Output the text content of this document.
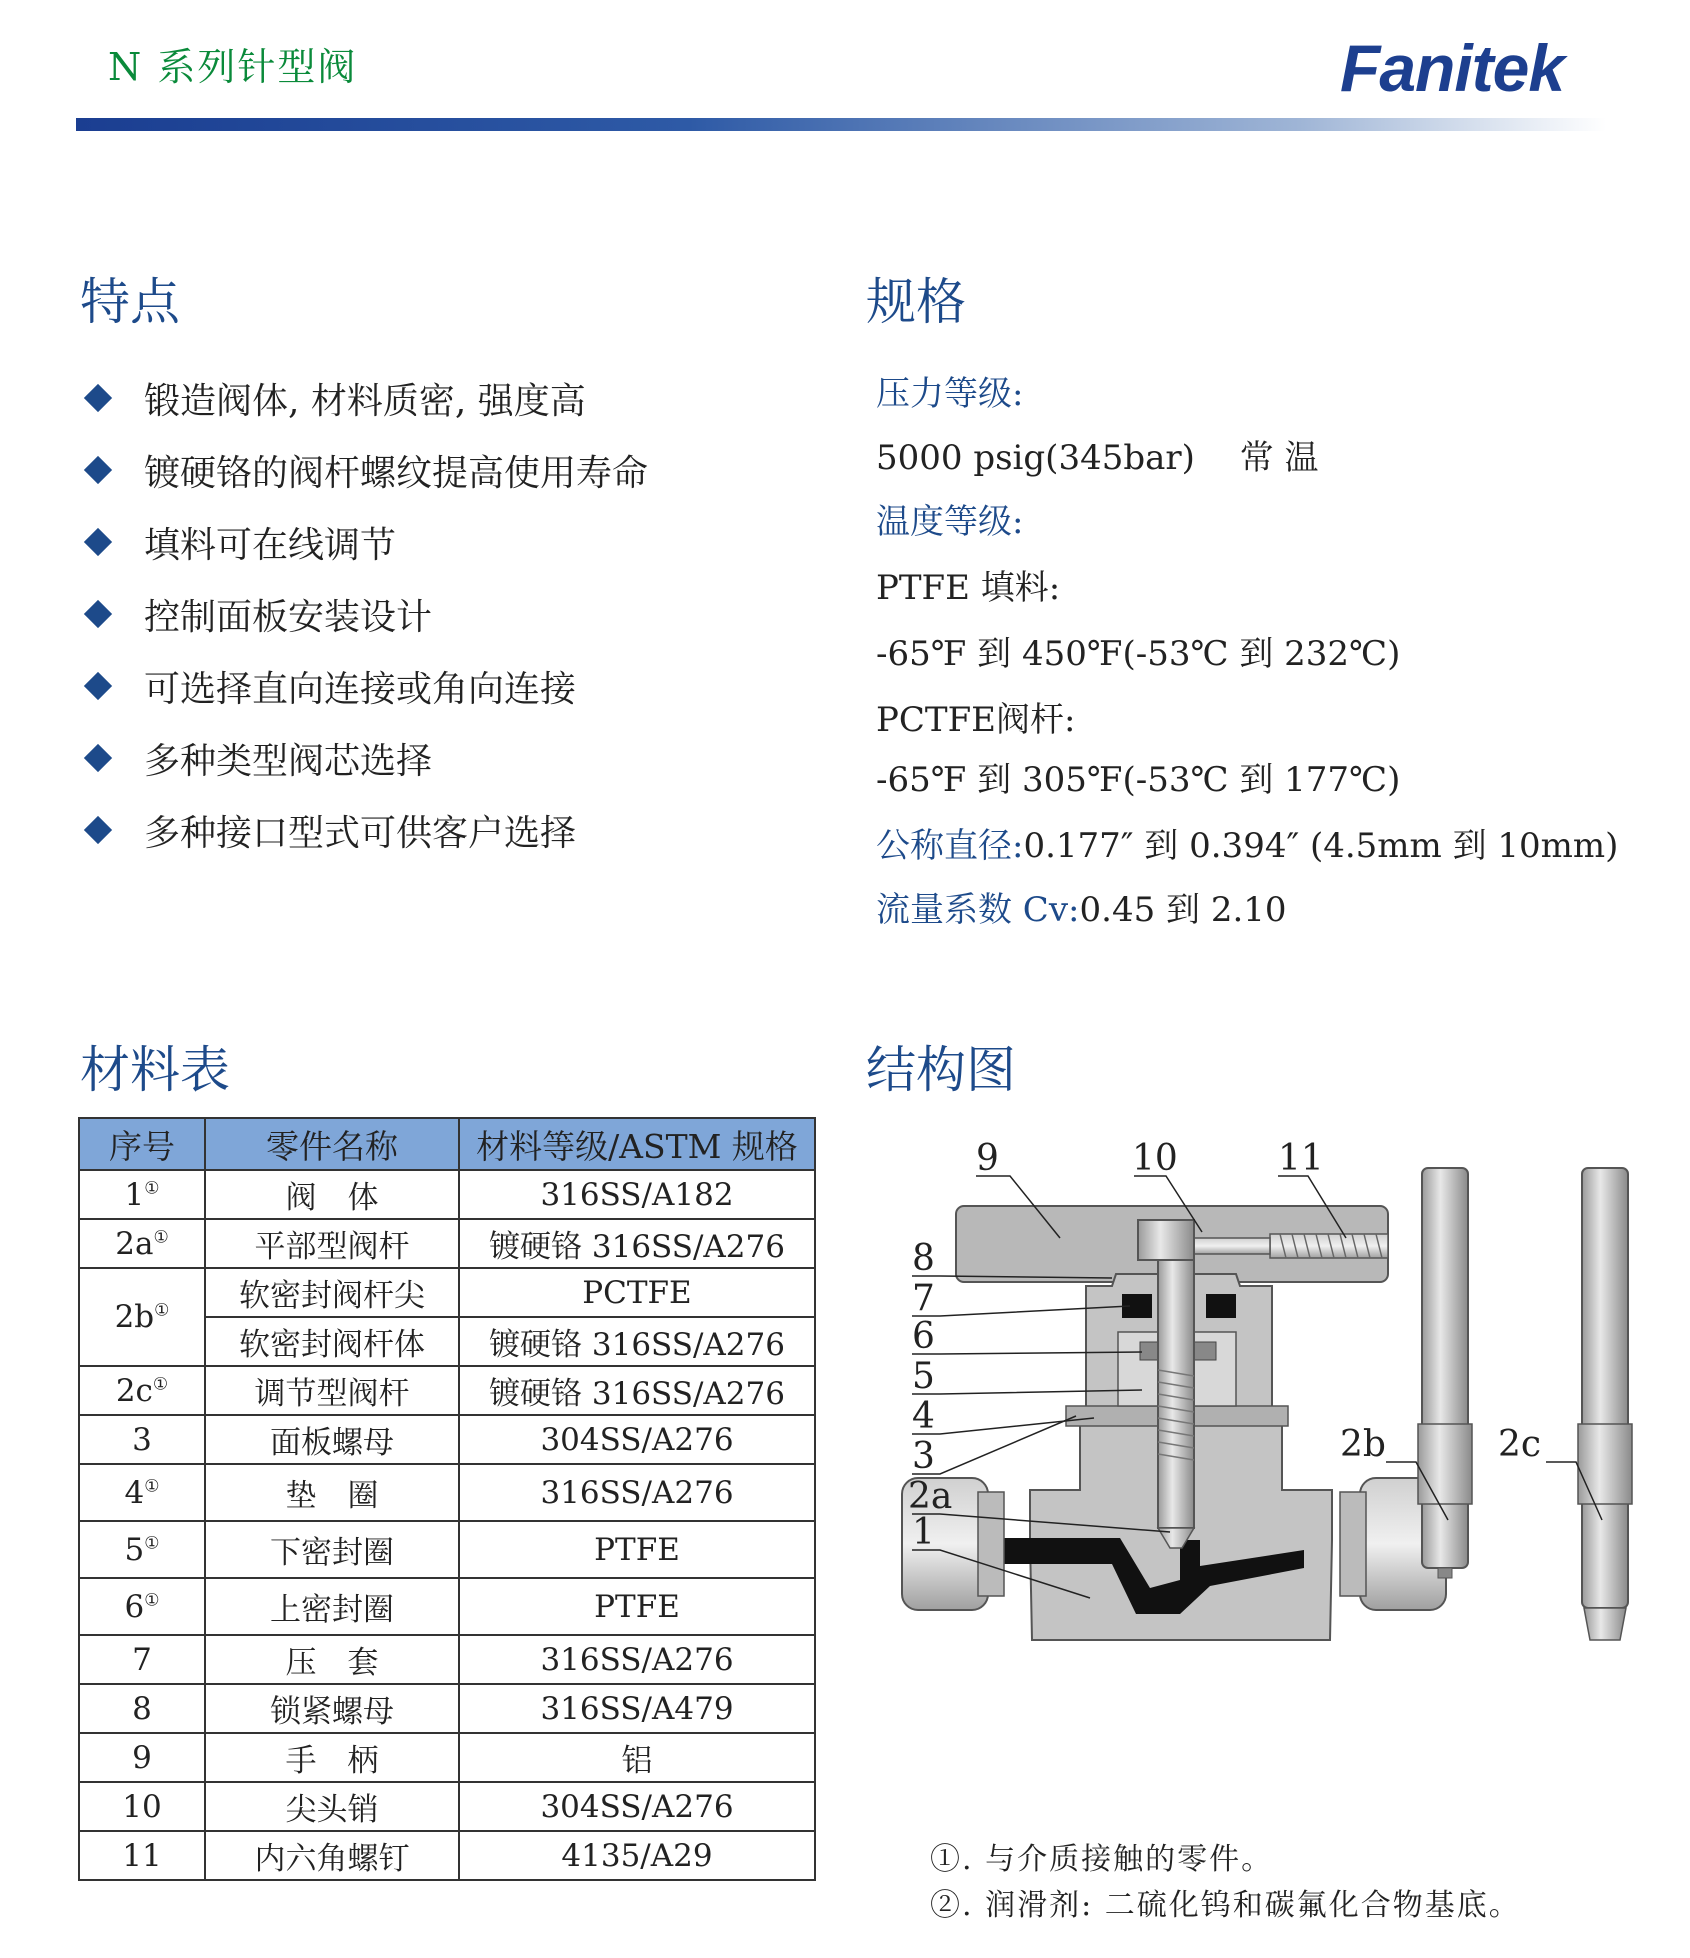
N 系列针型阀	Fanitek
特点
锻造阀体, 材料质密, 强度高
镀硬铬的阀杆螺纹提高使用寿命
填料可在线调节
控制面板安装设计
可选择直向连接或角向连接
多种类型阀芯选择
多种接口型式可供客户选择
规格
压力等级:
5000 psig(345bar)　 常 温
温度等级:
PTFE 填料:
-65℉ 到 450℉(-53℃ 到 232℃)
PCTFE阀杆:
-65℉ 到 305℉(-53℃ 到 177℃)
公称直径:0.177″ 到 0.394″ (4.5mm 到 10mm)
流量系数 Cv:0.45 到 2.10
材料表
序号	零件名称	材料等级/ASTM 规格
1①	阀　体	316SS/A182
2a①	平部型阀杆	镀硬铬 316SS/A276
2b①	软密封阀杆尖	PCTFE
	软密封阀杆体	镀硬铬 316SS/A276
2c①	调节型阀杆	镀硬铬 316SS/A276
3	面板螺母	304SS/A276
4①	垫　圈	316SS/A276
5①	下密封圈	PTFE
6①	上密封圈	PTFE
7	压　套	316SS/A276
8	锁紧螺母	316SS/A479
9	手　柄	铝
10	尖头销	304SS/A276
11	内六角螺钉	4135/A29
结构图
9	10	11
8
7
6
5
4
3
2a
1
2b	2c
①. 与介质接触的零件。
②. 润滑剂: 二硫化钨和碳氟化合物基底。
